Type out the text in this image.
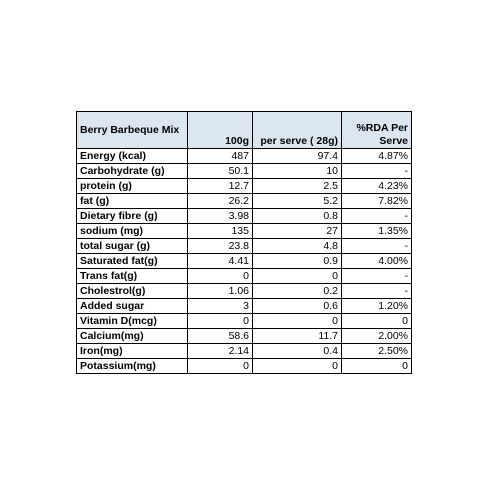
Berry Barbeque Mix	100g	per serve ( 28g)	%RDA Per Serve
Energy (kcal)	487	97.4	4.87%
Carbohydrate (g)	50.1	10	-
protein (g)	12.7	2.5	4.23%
fat (g)	26.2	5.2	7.82%
Dietary fibre (g)	3.98	0.8	-
sodium (mg)	135	27	1.35%
total sugar (g)	23.8	4.8	-
Saturated fat(g)	4.41	0.9	4.00%
Trans fat(g)	0	0	-
Cholestrol(g)	1.06	0.2	-
Added sugar	3	0.6	1.20%
Vitamin D(mcg)	0	0	0
Calcium(mg)	58.6	11.7	2.00%
Iron(mg)	2.14	0.4	2.50%
Potassium(mg)	0	0	0
